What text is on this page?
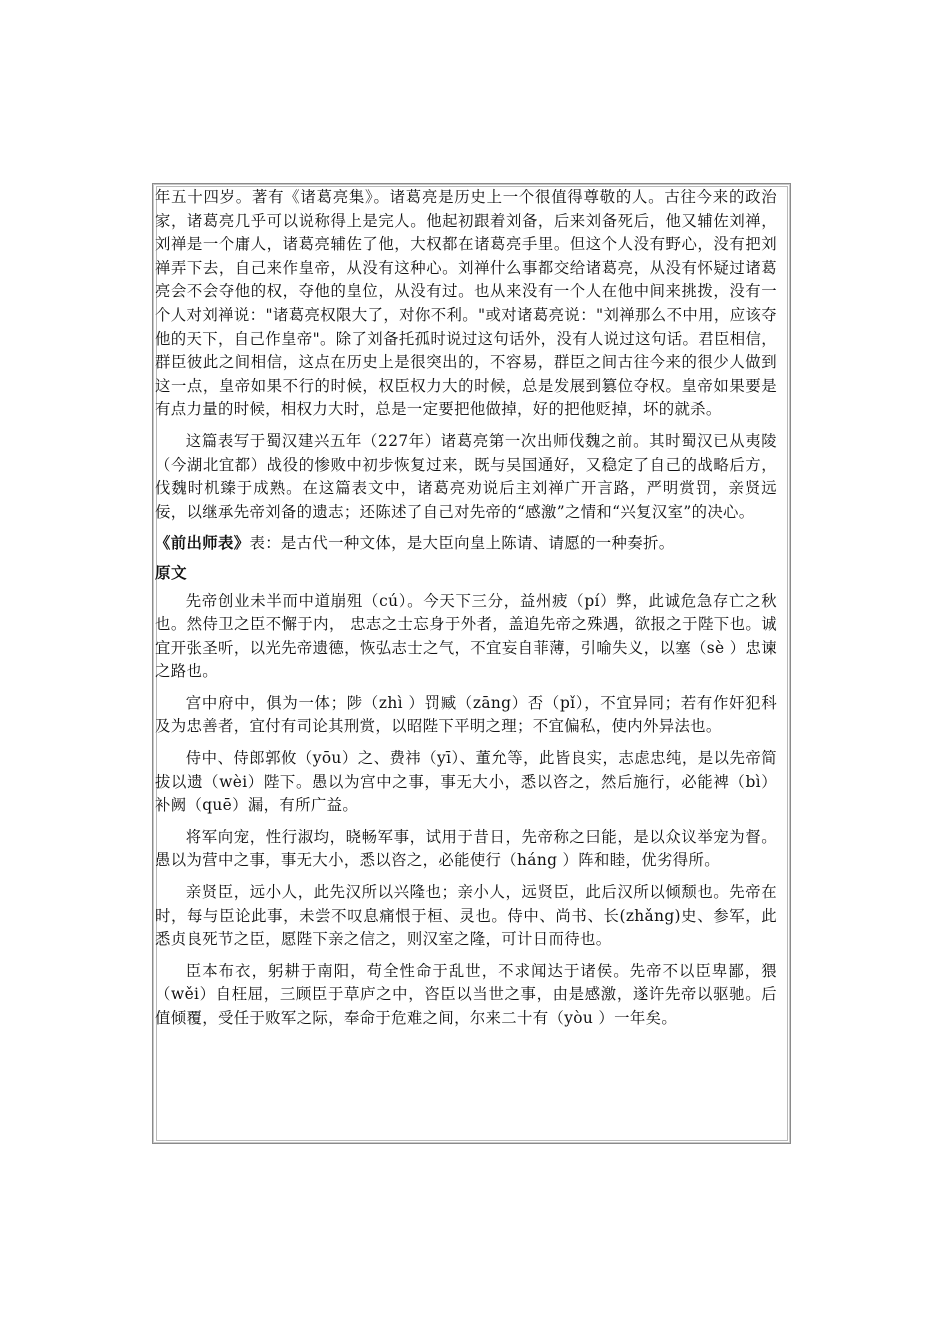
年五十四岁。著有《诸葛亮集》。诸葛亮是历史上一个很值得尊敬的人。古往今来的政治家，诸葛亮几乎可以说称得上是完人。他起初跟着刘备，后来刘备死后，他又辅佐刘禅，刘禅是一个庸人，诸葛亮辅佐了他，大权都在诸葛亮手里。但这个人没有野心，没有把刘禅弄下去，自己来作皇帝，从没有这种心。刘禅什么事都交给诸葛亮，从没有怀疑过诸葛亮会不会夺他的权，夺他的皇位，从没有过。也从来没有一个人在他中间来挑拨，没有一个人对刘禅说："诸葛亮权限大了，对你不利。"或对诸葛亮说："刘禅那么不中用，应该夺他的天下，自己作皇帝"。除了刘备托孤时说过这句话外，没有人说过这句话。君臣相信，群臣彼此之间相信，这点在历史上是很突出的，不容易，群臣之间古往今来的很少人做到这一点，皇帝如果不行的时候，权臣权力大的时候，总是发展到篡位夺权。皇帝如果要是有点力量的时候，相权力大时，总是一定要把他做掉，好的把他贬掉，坏的就杀。

这篇表写于蜀汉建兴五年（227年）诸葛亮第一次出师伐魏之前。其时蜀汉已从夷陵（今湖北宜都）战役的惨败中初步恢复过来，既与吴国通好，又稳定了自己的战略后方，伐魏时机臻于成熟。在这篇表文中，诸葛亮劝说后主刘禅广开言路，严明赏罚，亲贤远佞，以继承先帝刘备的遗志；还陈述了自己对先帝的“感激”之情和“兴复汉室”的决心。

《前出师表》表：是古代一种文体，是大臣向皇上陈请、请愿的一种奏折。

原文

先帝创业未半而中道崩殂（cú）。今天下三分，益州疲（pí）弊，此诚危急存亡之秋也。然侍卫之臣不懈于内， 忠志之士忘身于外者，盖追先帝之殊遇，欲报之于陛下也。诚宜开张圣听，以光先帝遗德，恢弘志士之气，不宜妄自菲薄，引喻失义，以塞（sè ）忠谏之路也。

宫中府中，俱为一体；陟（zhì ）罚臧（zāng）否（pǐ），不宜异同；若有作奸犯科及为忠善者，宜付有司论其刑赏，以昭陛下平明之理；不宜偏私，使内外异法也。

侍中、侍郎郭攸（yōu）之、费祎（yī）、董允等，此皆良实，志虑忠纯，是以先帝简拔以遗（wèi）陛下。愚以为宫中之事，事无大小，悉以咨之，然后施行，必能裨（bì）补阙（quē）漏，有所广益。

将军向宠，性行淑均，晓畅军事，试用于昔日，先帝称之曰能，是以众议举宠为督。愚以为营中之事，事无大小，悉以咨之，必能使行（háng ）阵和睦，优劣得所。

亲贤臣，远小人，此先汉所以兴隆也；亲小人，远贤臣，此后汉所以倾颓也。先帝在时，每与臣论此事，未尝不叹息痛恨于桓、灵也。侍中、尚书、长(zhǎng)史、参军，此悉贞良死节之臣，愿陛下亲之信之，则汉室之隆，可计日而待也。

臣本布衣，躬耕于南阳，苟全性命于乱世，不求闻达于诸侯。先帝不以臣卑鄙，猥（wěi）自枉屈，三顾臣于草庐之中，咨臣以当世之事，由是感激，遂许先帝以驱驰。后值倾覆，受任于败军之际，奉命于危难之间，尔来二十有（yòu ）一年矣。
